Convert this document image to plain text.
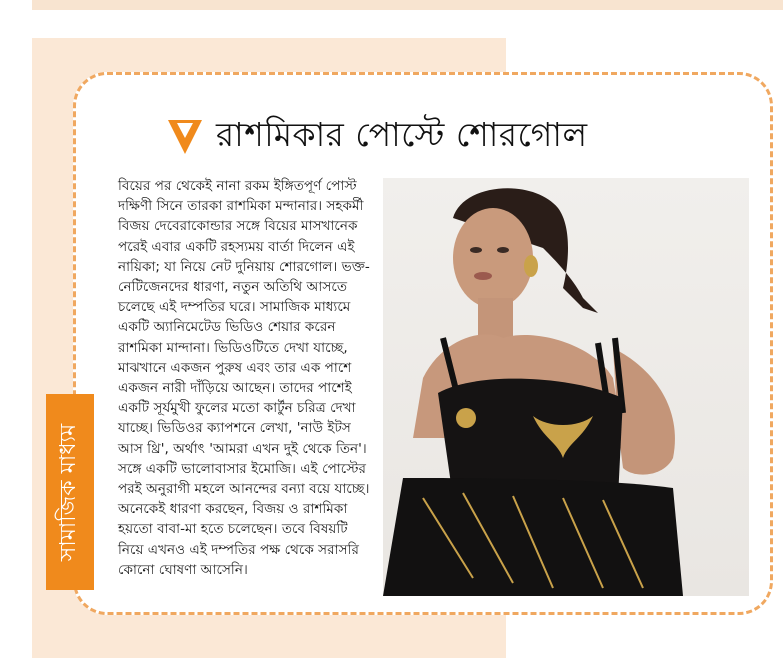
রাশমিকার পোস্টে শোরগোল

বিয়ের পর থেকেই নানা রকম ইঙ্গিতপূর্ণ পোস্ট দক্ষিণী সিনে তারকা রাশমিকা মন্দানার। সহকর্মী বিজয় দেবেরাকোন্ডার সঙ্গে বিয়ের মাসখানেক পরেই এবার একটি রহস্যময় বার্তা দিলেন এই নায়িকা; যা নিয়ে নেট দুনিয়ায় শোরগোল। ভক্ত-নেটিজেনদের ধারণা, নতুন অতিথি আসতে চলেছে এই দম্পতির ঘরে। সামাজিক মাধ্যমে একটি অ্যানিমেটেড ভিডিও শেয়ার করেন রাশমিকা মান্দানা। ভিডিওটিতে দেখা যাচ্ছে, মাঝখানে একজন পুরুষ এবং তার এক পাশে একজন নারী দাঁড়িয়ে আছেন। তাদের পাশেই একটি সূর্যমুখী ফুলের মতো কার্টুন চরিত্র দেখা যাচ্ছে। ভিডিওর ক্যাপশনে লেখা, 'নাউ ইটস আস থ্রি', অর্থাৎ 'আমরা এখন দুই থেকে তিন'। সঙ্গে একটি ভালোবাসার ইমোজি। এই পোস্টের পরই অনুরাগী মহলে আনন্দের বন্যা বয়ে যাচ্ছে। অনেকেই ধারণা করছেন, বিজয় ও রাশমিকা হয়তো বাবা-মা হতে চলেছেন। তবে বিষয়টি নিয়ে এখনও এই দম্পতির পক্ষ থেকে সরাসরি কোনো ঘোষণা আসেনি।

সামাজিক মাধ্যম
